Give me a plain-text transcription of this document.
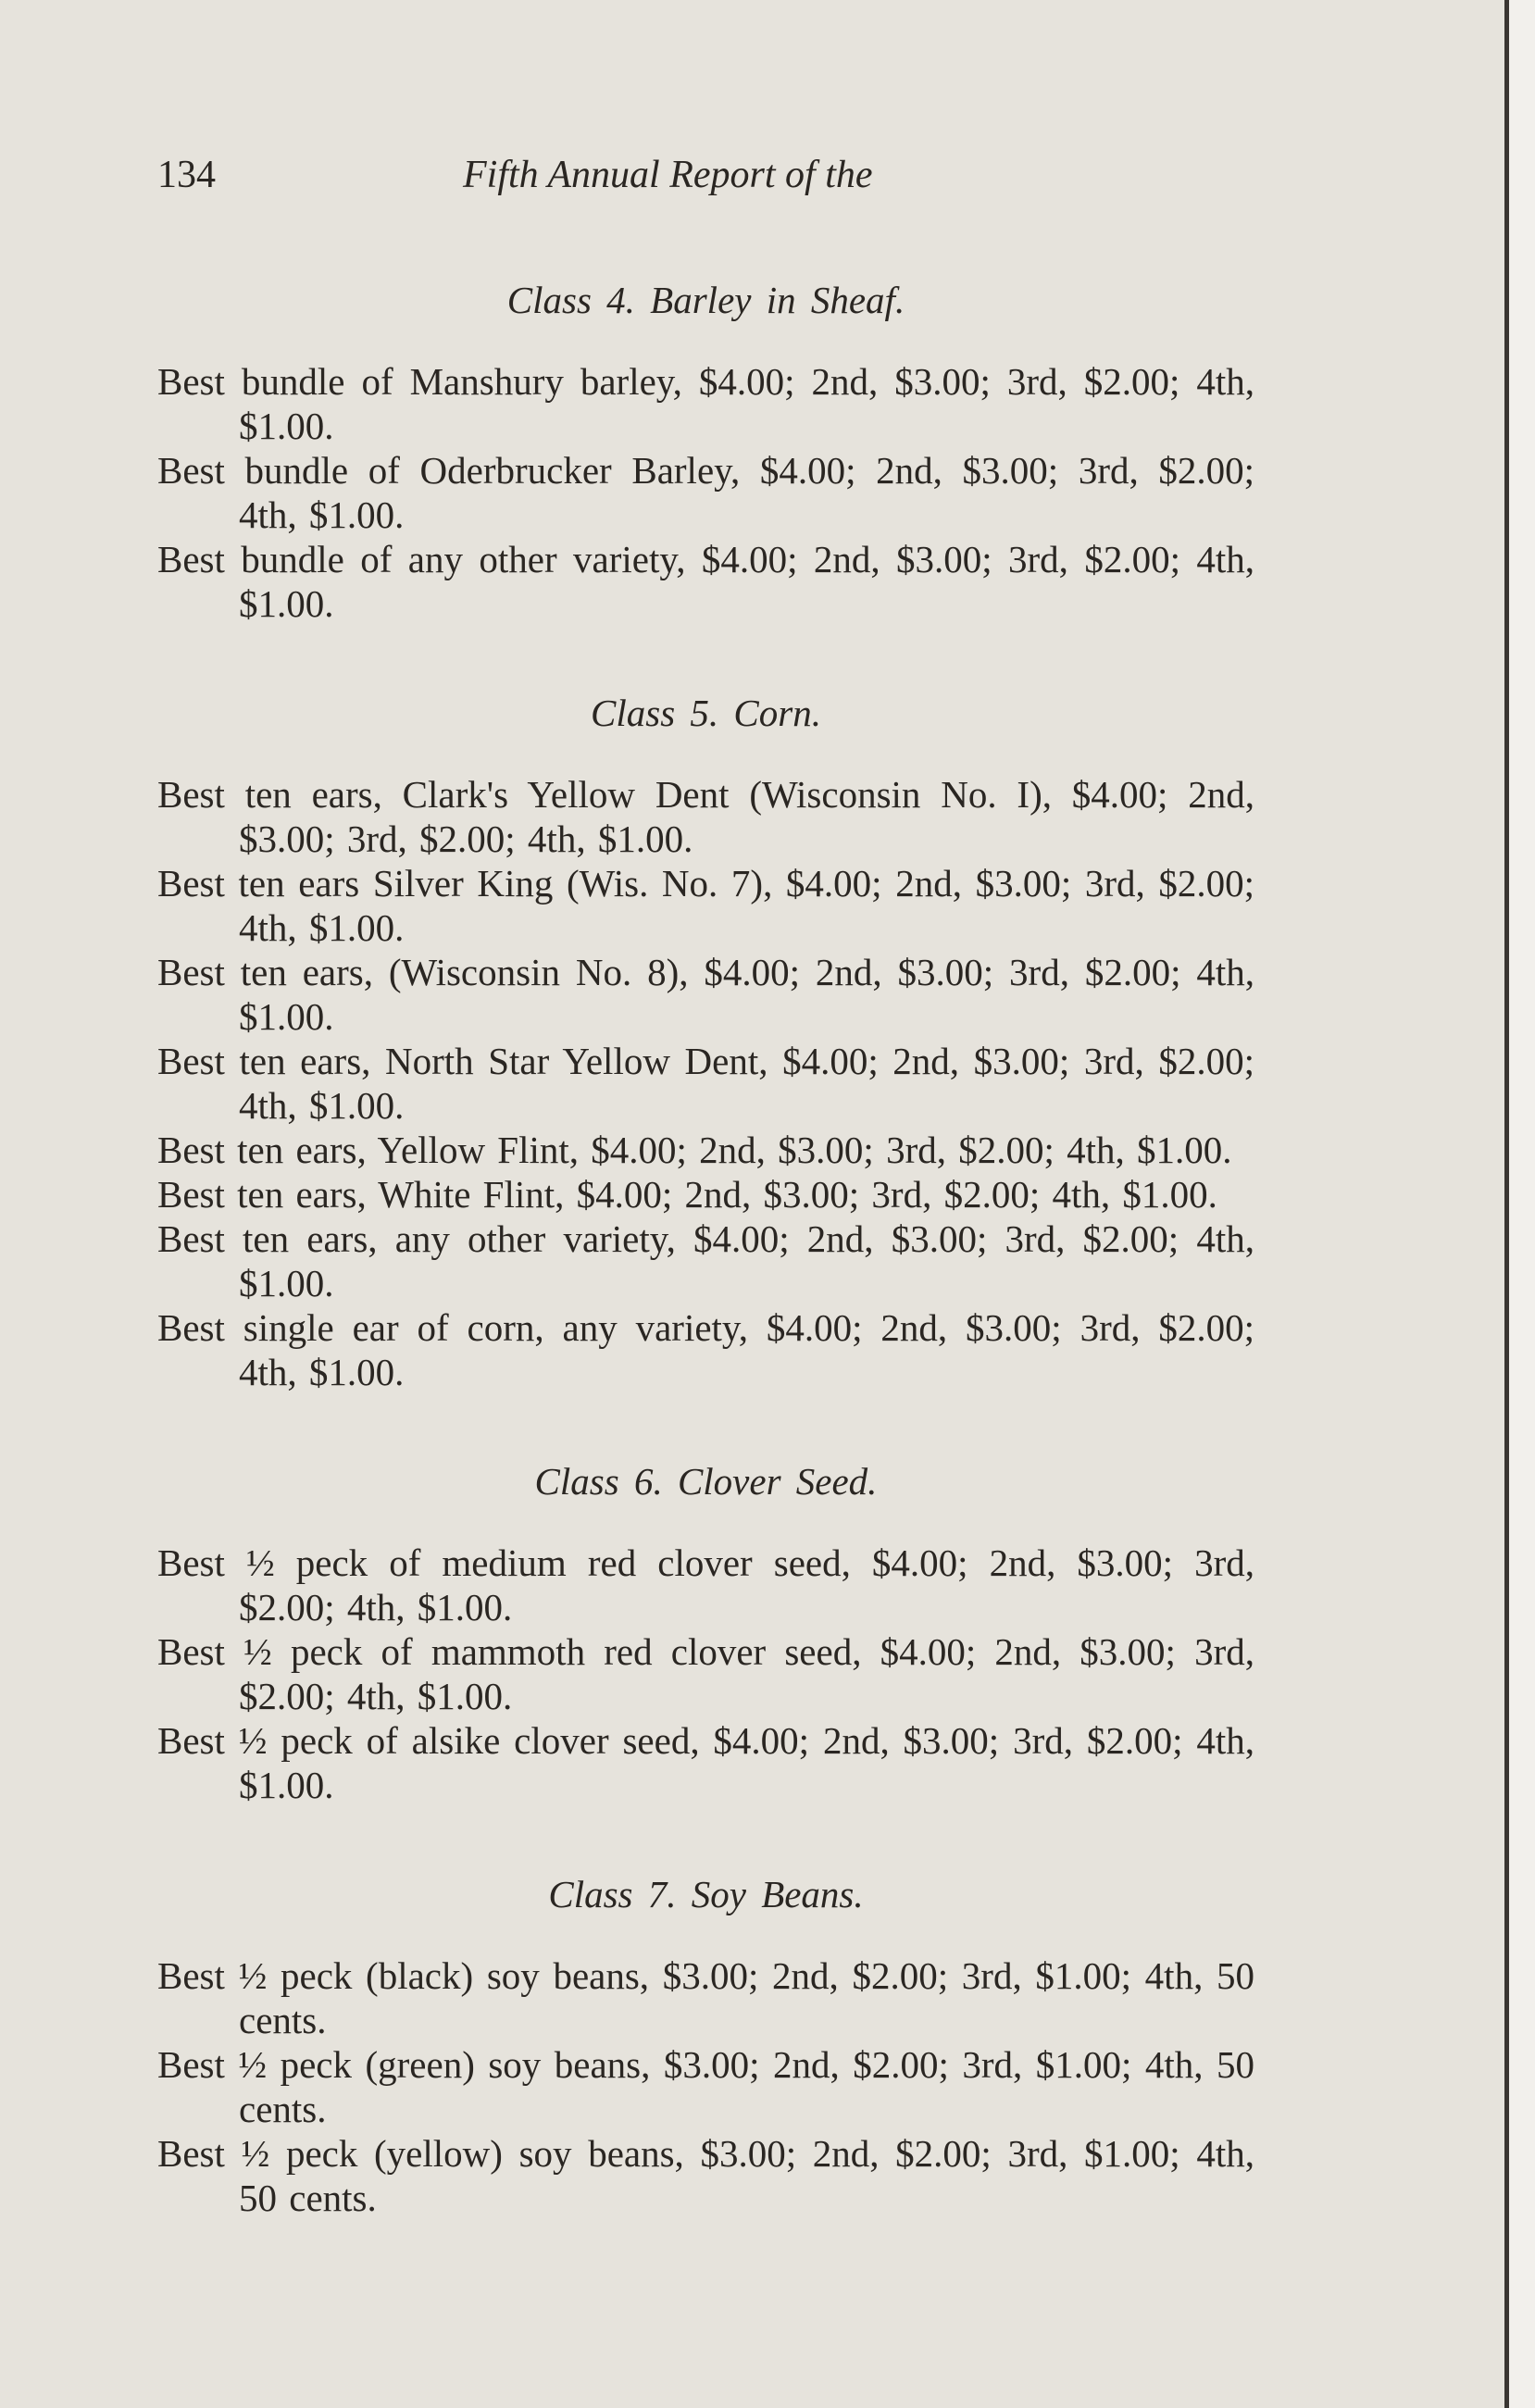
134	Fifth Annual Report of the
Class 4. Barley in Sheaf.

Best bundle of Manshury barley, $4.00; 2nd, $3.00; 3rd, $2.00; 4th, $1.00.

Best bundle of Oderbrucker Barley, $4.00; 2nd, $3.00; 3rd, $2.00; 4th, $1.00.

Best bundle of any other variety, $4.00; 2nd, $3.00; 3rd, $2.00; 4th, $1.00.

Class 5. Corn.

Best ten ears, Clark's Yellow Dent (Wisconsin No. I), $4.00; 2nd, $3.00; 3rd, $2.00; 4th, $1.00.

Best ten ears Silver King (Wis. No. 7), $4.00; 2nd, $3.00; 3rd, $2.00; 4th, $1.00.

Best ten ears, (Wisconsin No. 8), $4.00; 2nd, $3.00; 3rd, $2.00; 4th, $1.00.

Best ten ears, North Star Yellow Dent, $4.00; 2nd, $3.00; 3rd, $2.00; 4th, $1.00.

Best ten ears, Yellow Flint, $4.00; 2nd, $3.00; 3rd, $2.00; 4th, $1.00.

Best ten ears, White Flint, $4.00; 2nd, $3.00; 3rd, $2.00; 4th, $1.00.

Best ten ears, any other variety, $4.00; 2nd, $3.00; 3rd, $2.00; 4th, $1.00.

Best single ear of corn, any variety, $4.00; 2nd, $3.00; 3rd, $2.00; 4th, $1.00.

Class 6. Clover Seed.

Best ½ peck of medium red clover seed, $4.00; 2nd, $3.00; 3rd, $2.00; 4th, $1.00.

Best ½ peck of mammoth red clover seed, $4.00; 2nd, $3.00; 3rd, $2.00; 4th, $1.00.

Best ½ peck of alsike clover seed, $4.00; 2nd, $3.00; 3rd, $2.00; 4th, $1.00.

Class 7. Soy Beans.

Best ½ peck (black) soy beans, $3.00; 2nd, $2.00; 3rd, $1.00; 4th, 50 cents.

Best ½ peck (green) soy beans, $3.00; 2nd, $2.00; 3rd, $1.00; 4th, 50 cents.

Best ½ peck (yellow) soy beans, $3.00; 2nd, $2.00; 3rd, $1.00; 4th, 50 cents.
